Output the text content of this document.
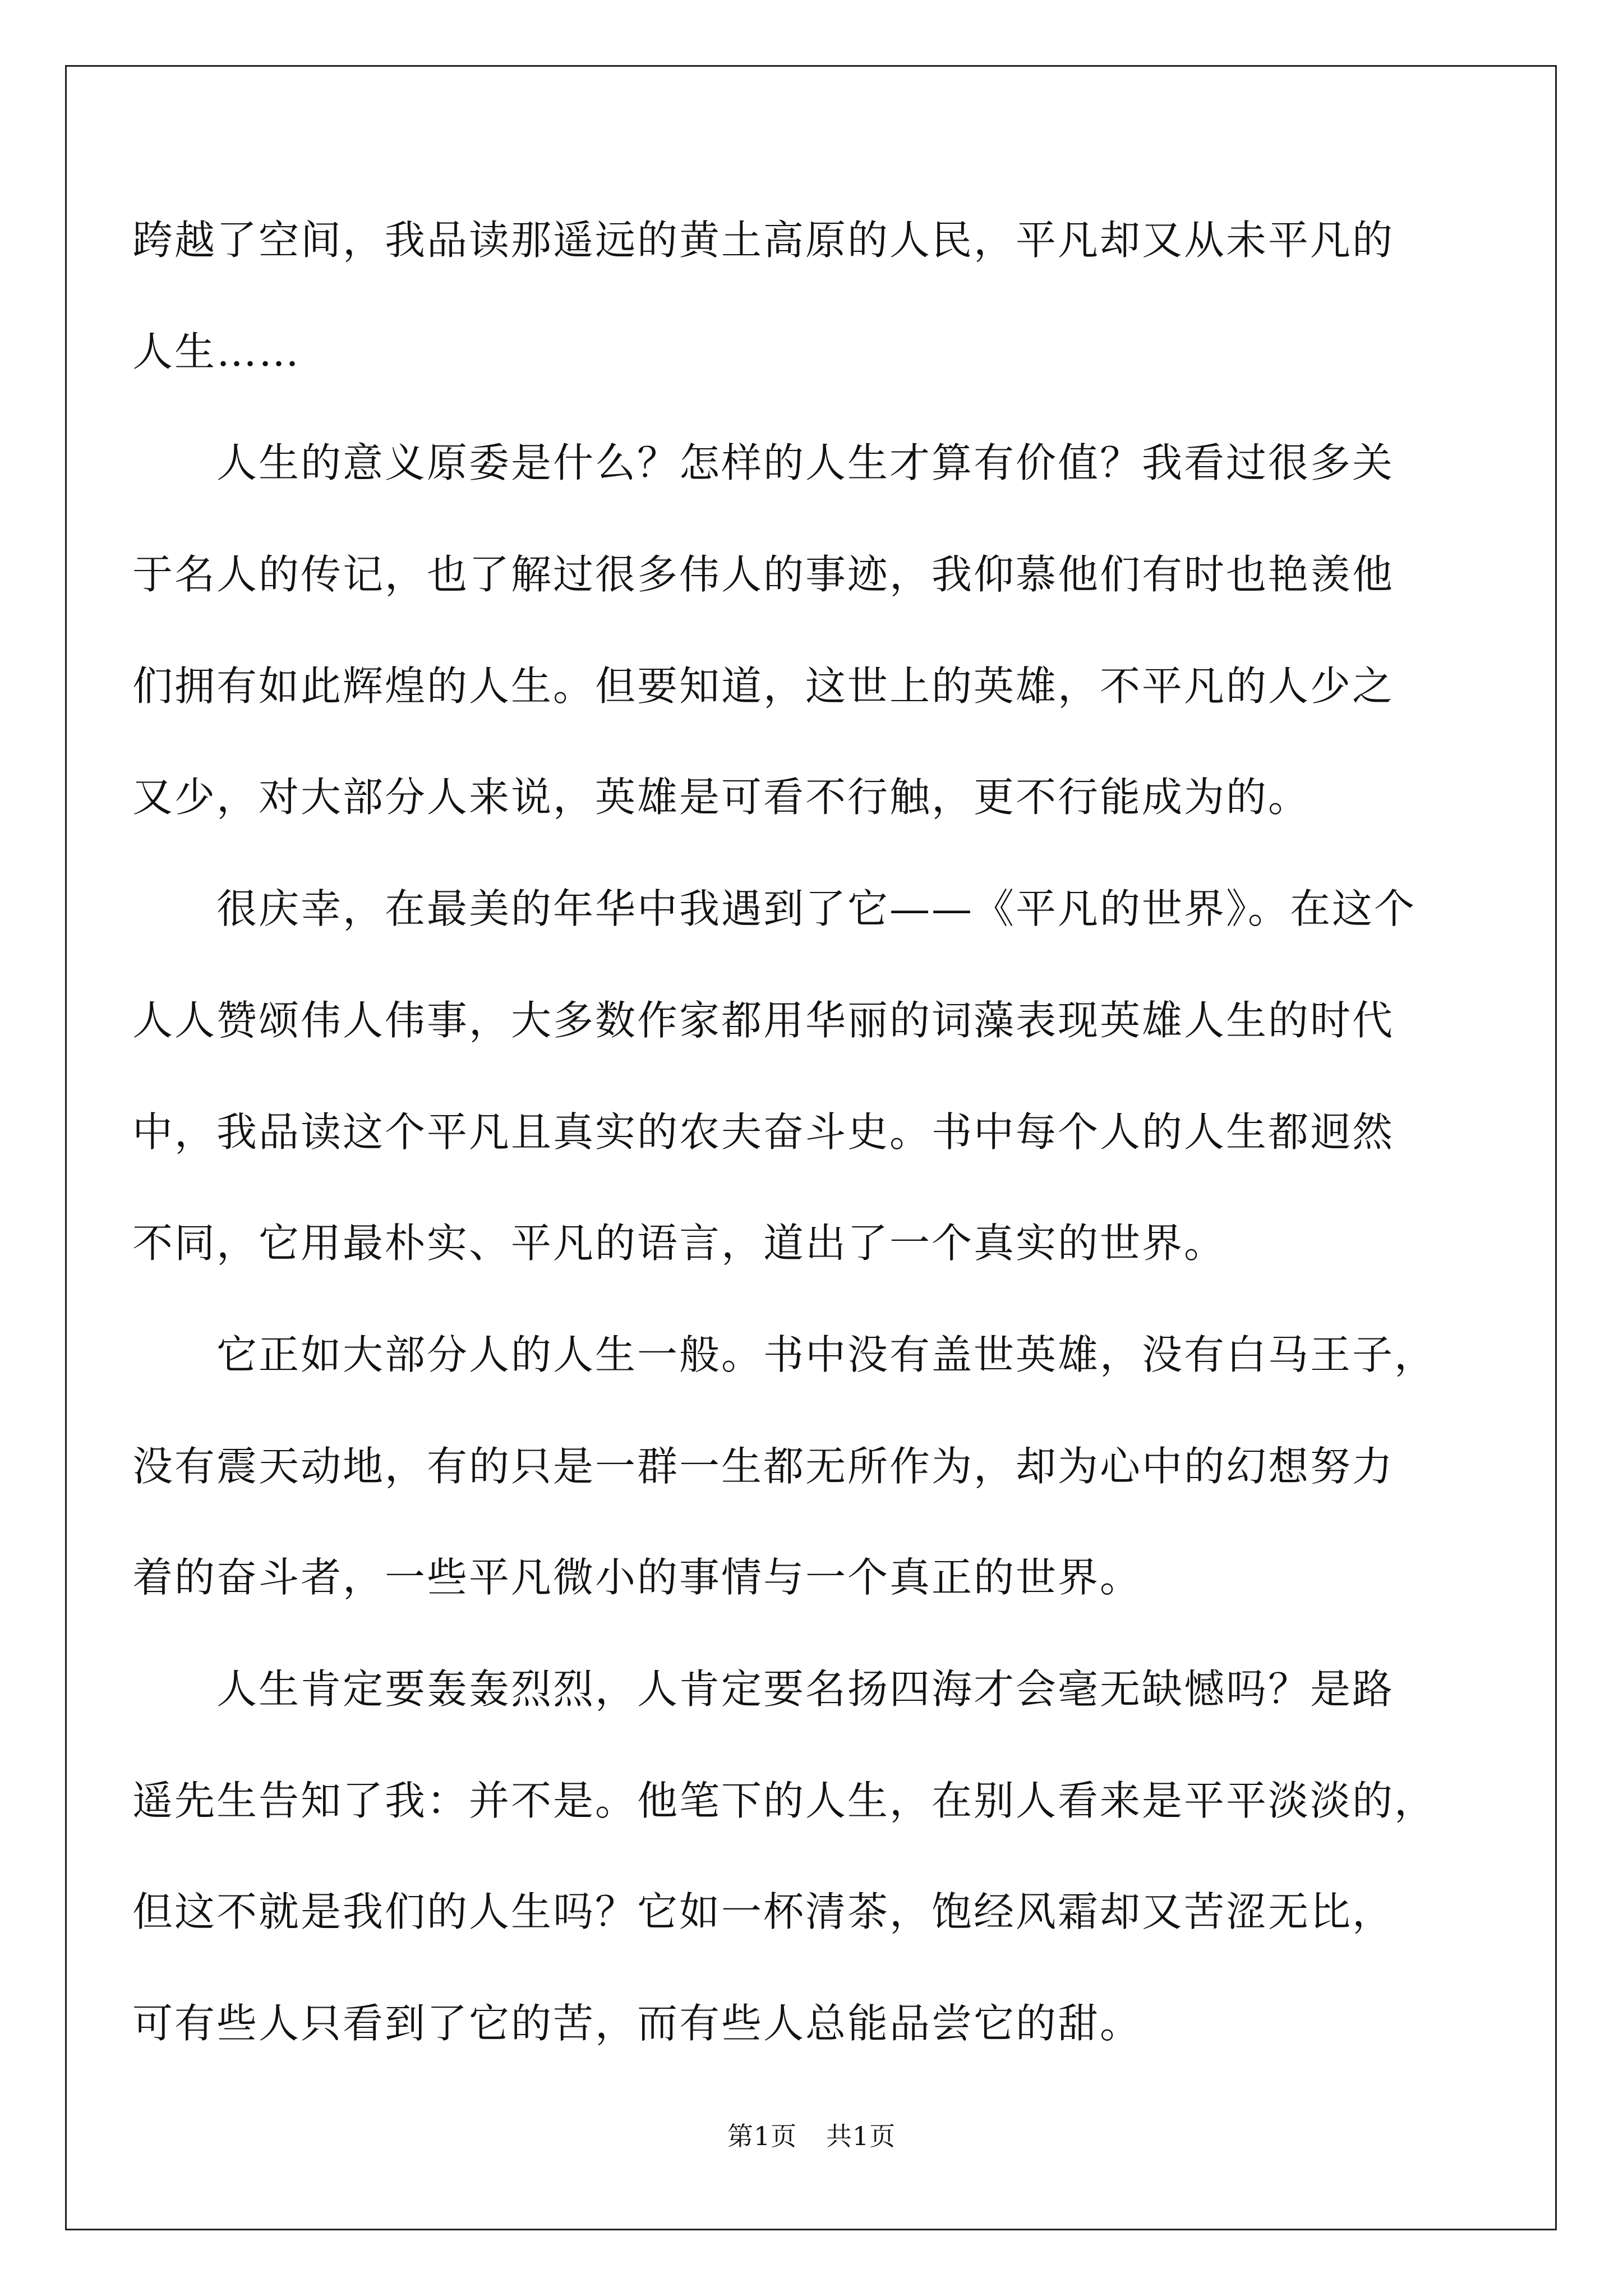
跨越了空间，我品读那遥远的黄土高原的人民，平凡却又从未平凡的
人生……
人生的意义原委是什么？怎样的人生才算有价值？我看过很多关
于名人的传记，也了解过很多伟人的事迹，我仰慕他们有时也艳羡他
们拥有如此辉煌的人生。但要知道，这世上的英雄，不平凡的人少之
又少，对大部分人来说，英雄是可看不行触，更不行能成为的。
很庆幸，在最美的年华中我遇到了它——《平凡的世界》。在这个
人人赞颂伟人伟事，大多数作家都用华丽的词藻表现英雄人生的时代
中，我品读这个平凡且真实的农夫奋斗史。书中每个人的人生都迥然
不同，它用最朴实、平凡的语言，道出了一个真实的世界。
它正如大部分人的人生一般。书中没有盖世英雄，没有白马王子，
没有震天动地，有的只是一群一生都无所作为，却为心中的幻想努力
着的奋斗者，一些平凡微小的事情与一个真正的世界。
人生肯定要轰轰烈烈，人肯定要名扬四海才会毫无缺憾吗？是路
遥先生告知了我：并不是。他笔下的人生，在别人看来是平平淡淡的，
但这不就是我们的人生吗？它如一杯清茶，饱经风霜却又苦涩无比，
可有些人只看到了它的苦，而有些人总能品尝它的甜。
第1页 共1页
